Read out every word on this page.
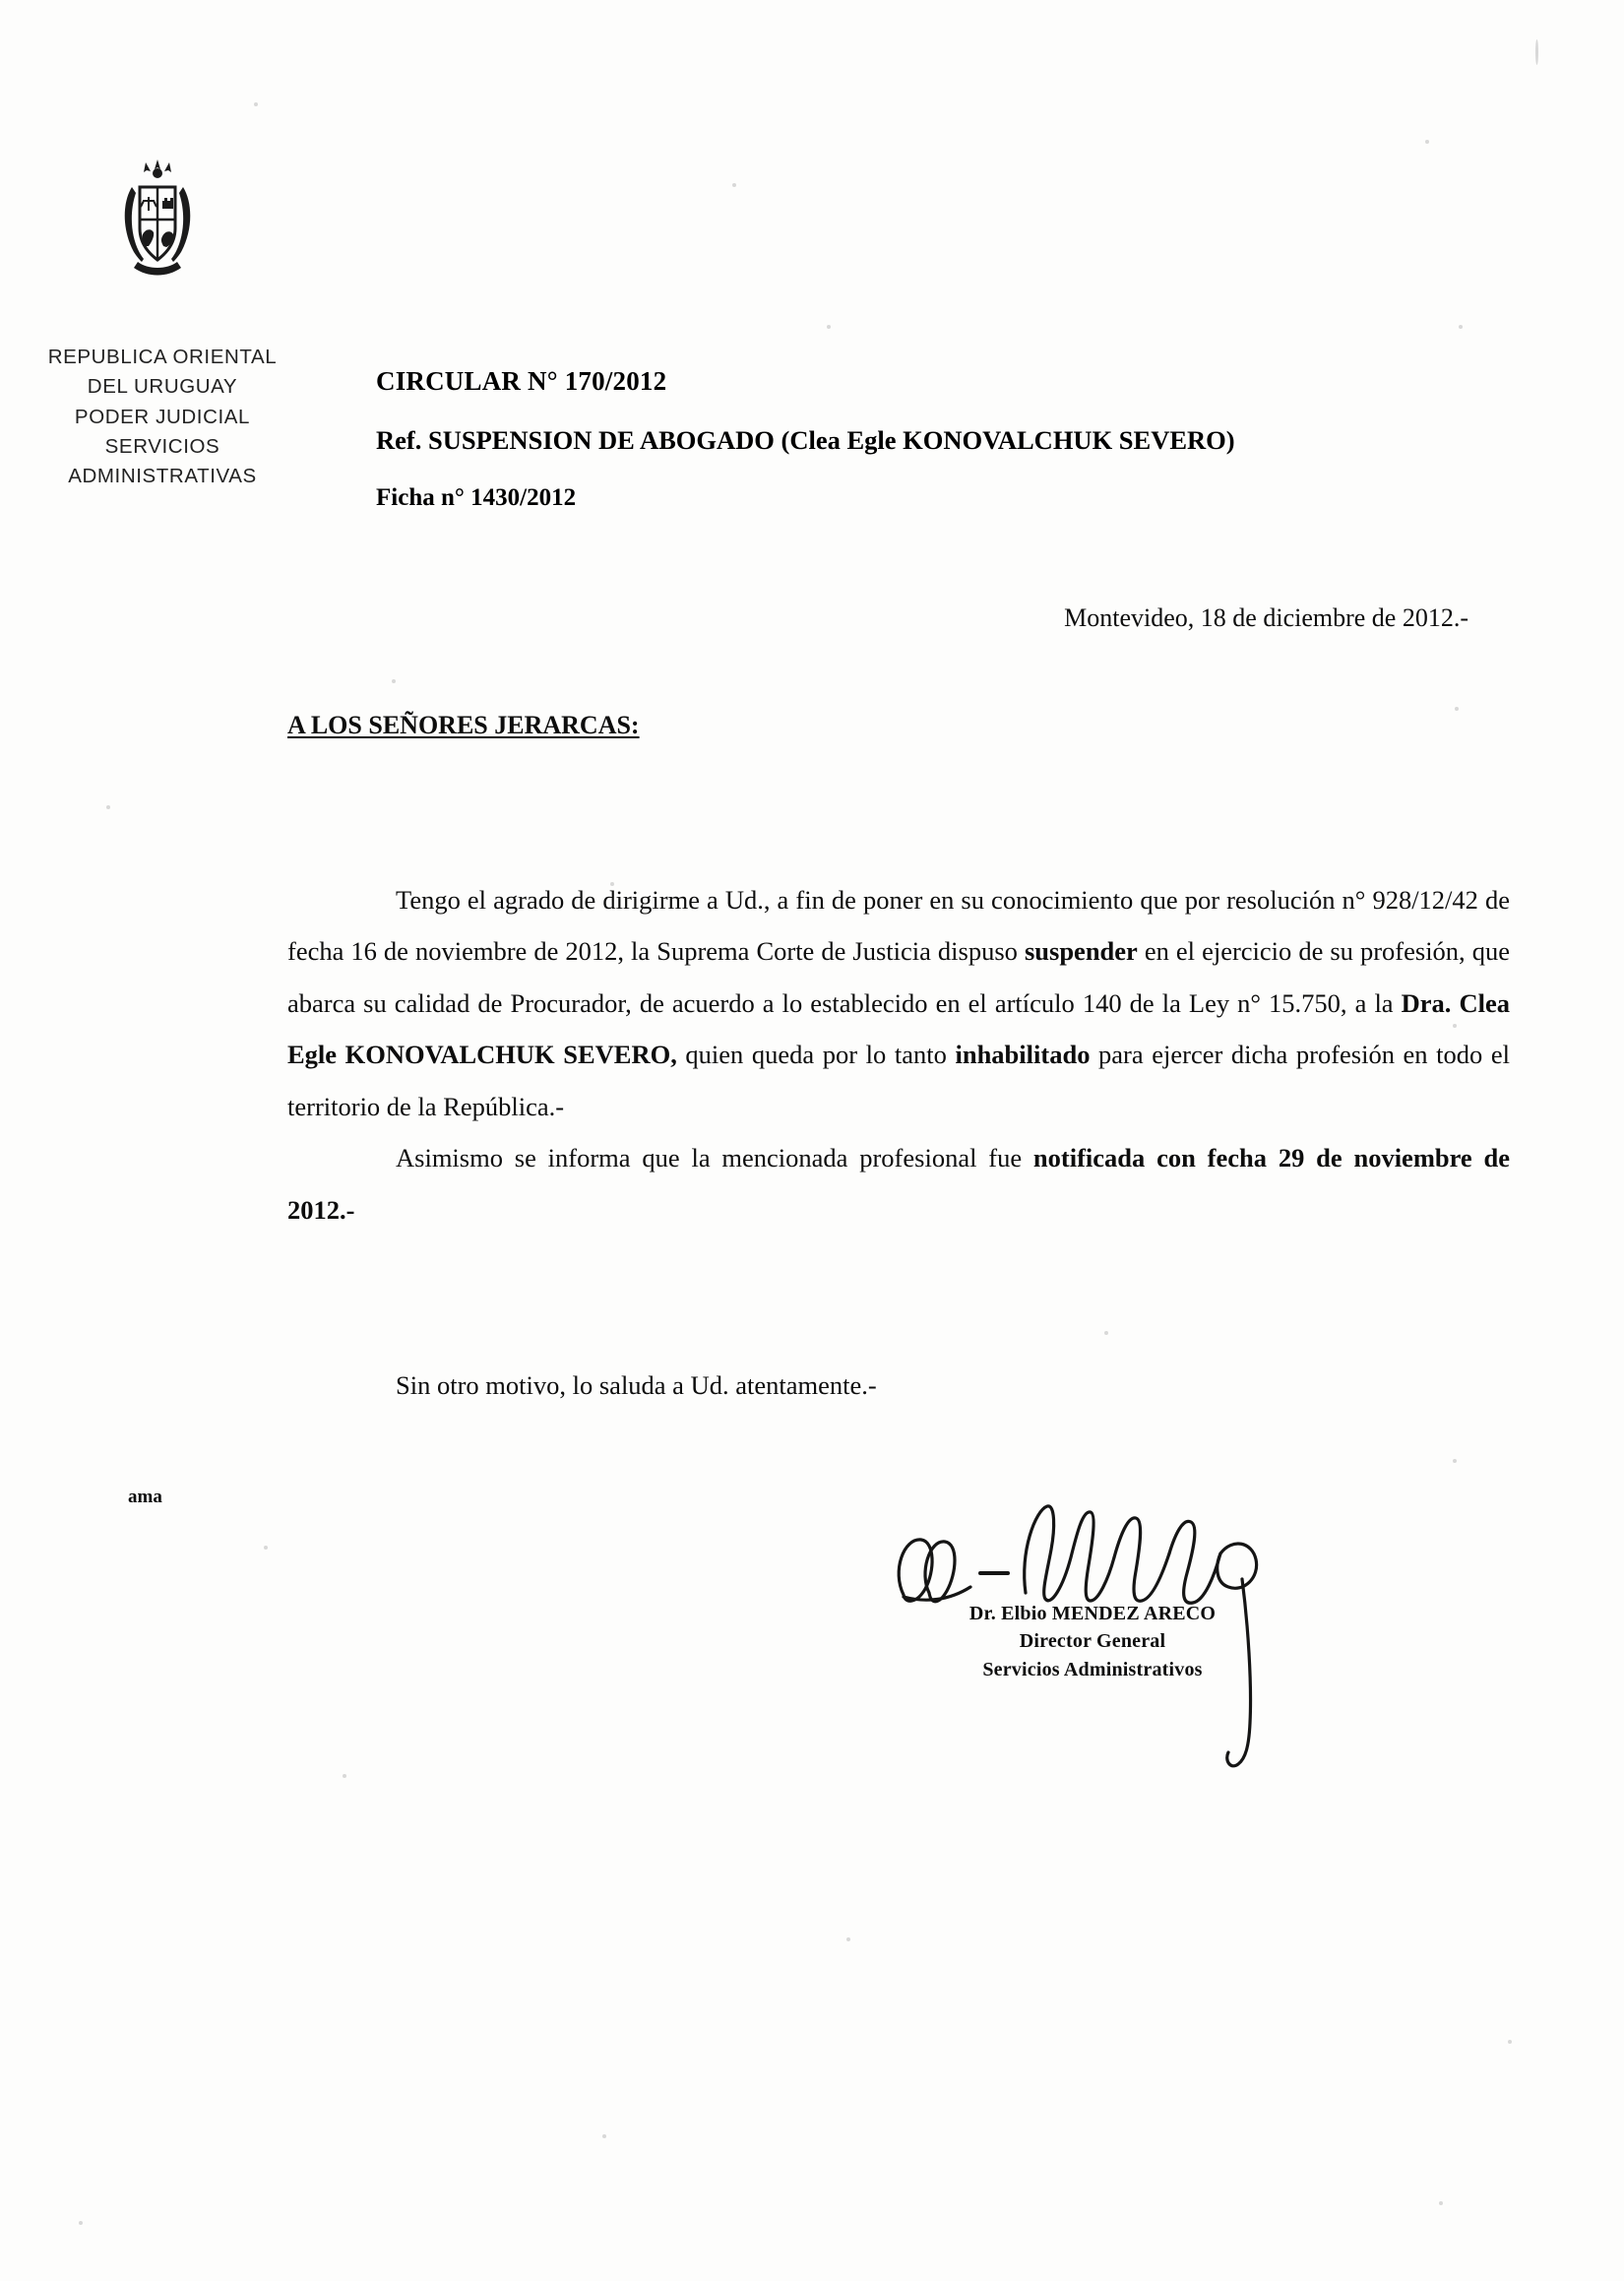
REPUBLICA ORIENTAL
DEL URUGUAY
PODER JUDICIAL
SERVICIOS
ADMINISTRATIVAS
CIRCULAR N° 170/2012
Ref. SUSPENSION DE ABOGADO (Clea Egle KONOVALCHUK SEVERO)
Ficha n° 1430/2012
Montevideo, 18 de diciembre de 2012.-
A LOS SEÑORES JERARCAS:

Tengo el agrado de dirigirme a Ud., a fin de poner en su conocimiento que por resolución n° 928/12/42 de fecha 16 de noviembre de 2012, la Suprema Corte de Justicia dispuso suspender en el ejercicio de su profesión, que abarca su calidad de Procurador, de acuerdo a lo establecido en el artículo 140 de la Ley n° 15.750, a la Dra. Clea Egle KONOVALCHUK SEVERO, quien queda por lo tanto inhabilitado para ejercer dicha profesión en todo el territorio de la República.-

Asimismo se informa que la mencionada profesional fue notificada con fecha 29 de noviembre de 2012.-

Sin otro motivo, lo saluda a Ud. atentamente.-
ama
Dr. Elbio MENDEZ ARECO
Director General
Servicios Administrativos
